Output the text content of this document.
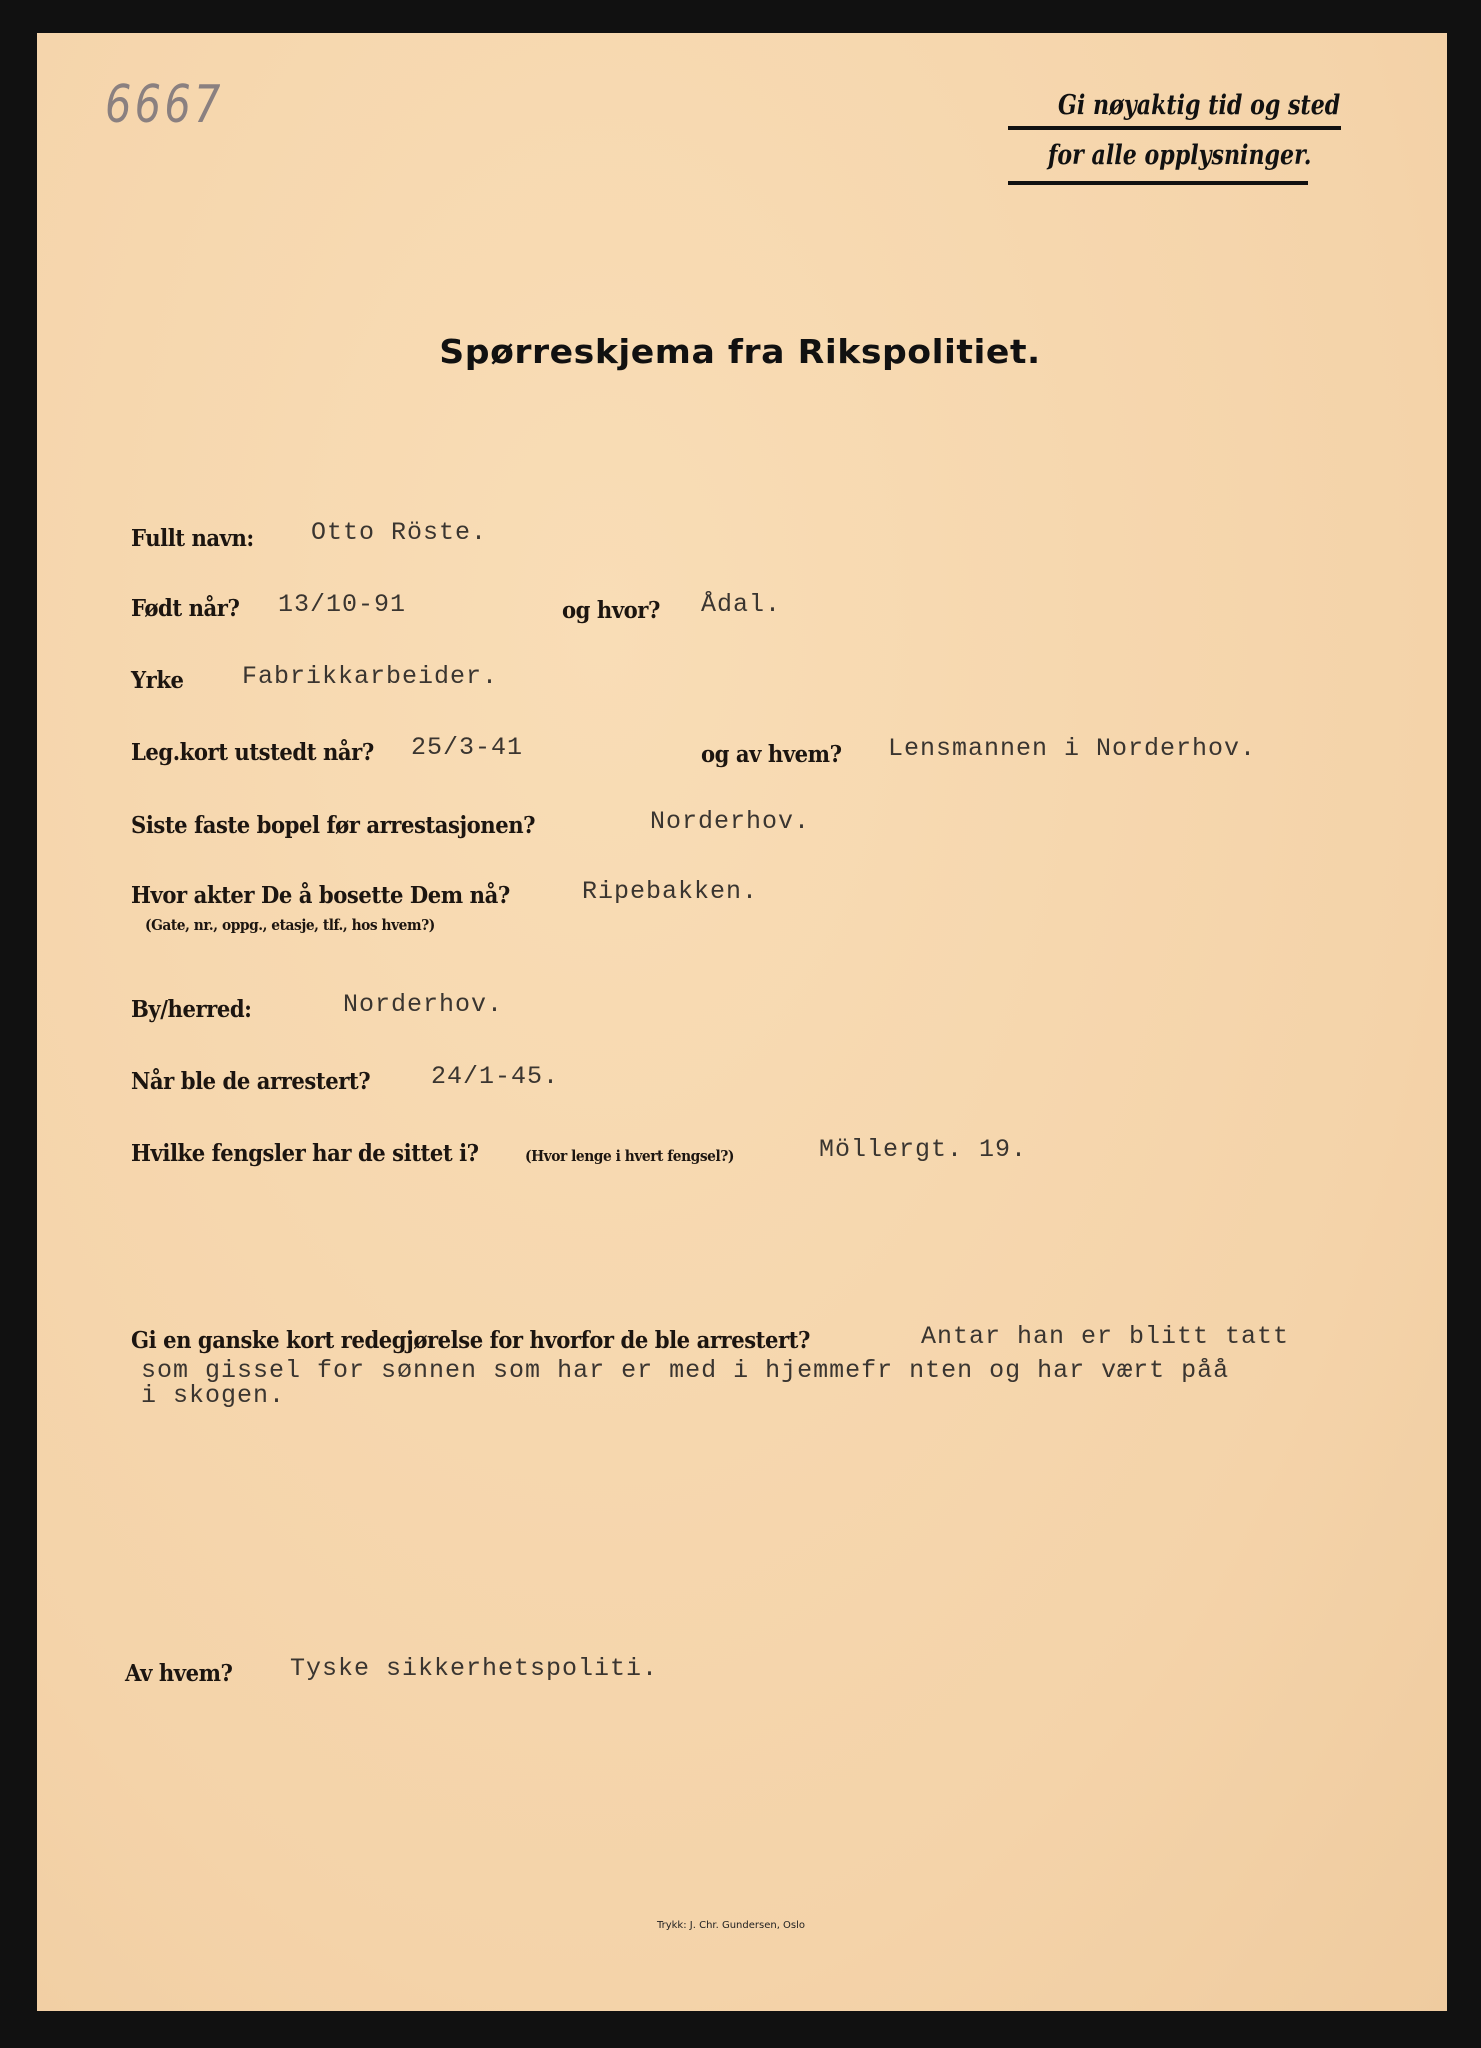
6667	Gi nøyaktig tid og sted
for alle opplysninger.
Spørreskjema fra Rikspolitiet.
Fullt navn: Otto Röste.
Født når? 13/10-91	og hvor? Ådal.
Yrke Fabrikkarbeider.
Leg.kort utstedt når? 25/3-41	og av hvem? Lensmannen i Norderhov.
Siste faste bopel før arrestasjonen?	Norderhov.
Hvor akter De å bosette Dem nå?	Ripebakken.
(Gate, nr., oppg., etasje, tlf., hos hvem?)
By/herred:	Norderhov.
Når ble de arrestert? 24/1-45.
Hvilke fengsler har de sittet i?	(Hvor lenge i hvert fengsel?)	Möllergt. 19.
Gi en ganske kort redegjørelse for hvorfor de ble arrestert?	Antar han er blitt tatt
som gissel for sønnen som har er med i hjemmefr nten og har vært påå
i skogen.
Av hvem? Tyske sikkerhetspoliti.
Trykk: J. Chr. Gundersen, Oslo
